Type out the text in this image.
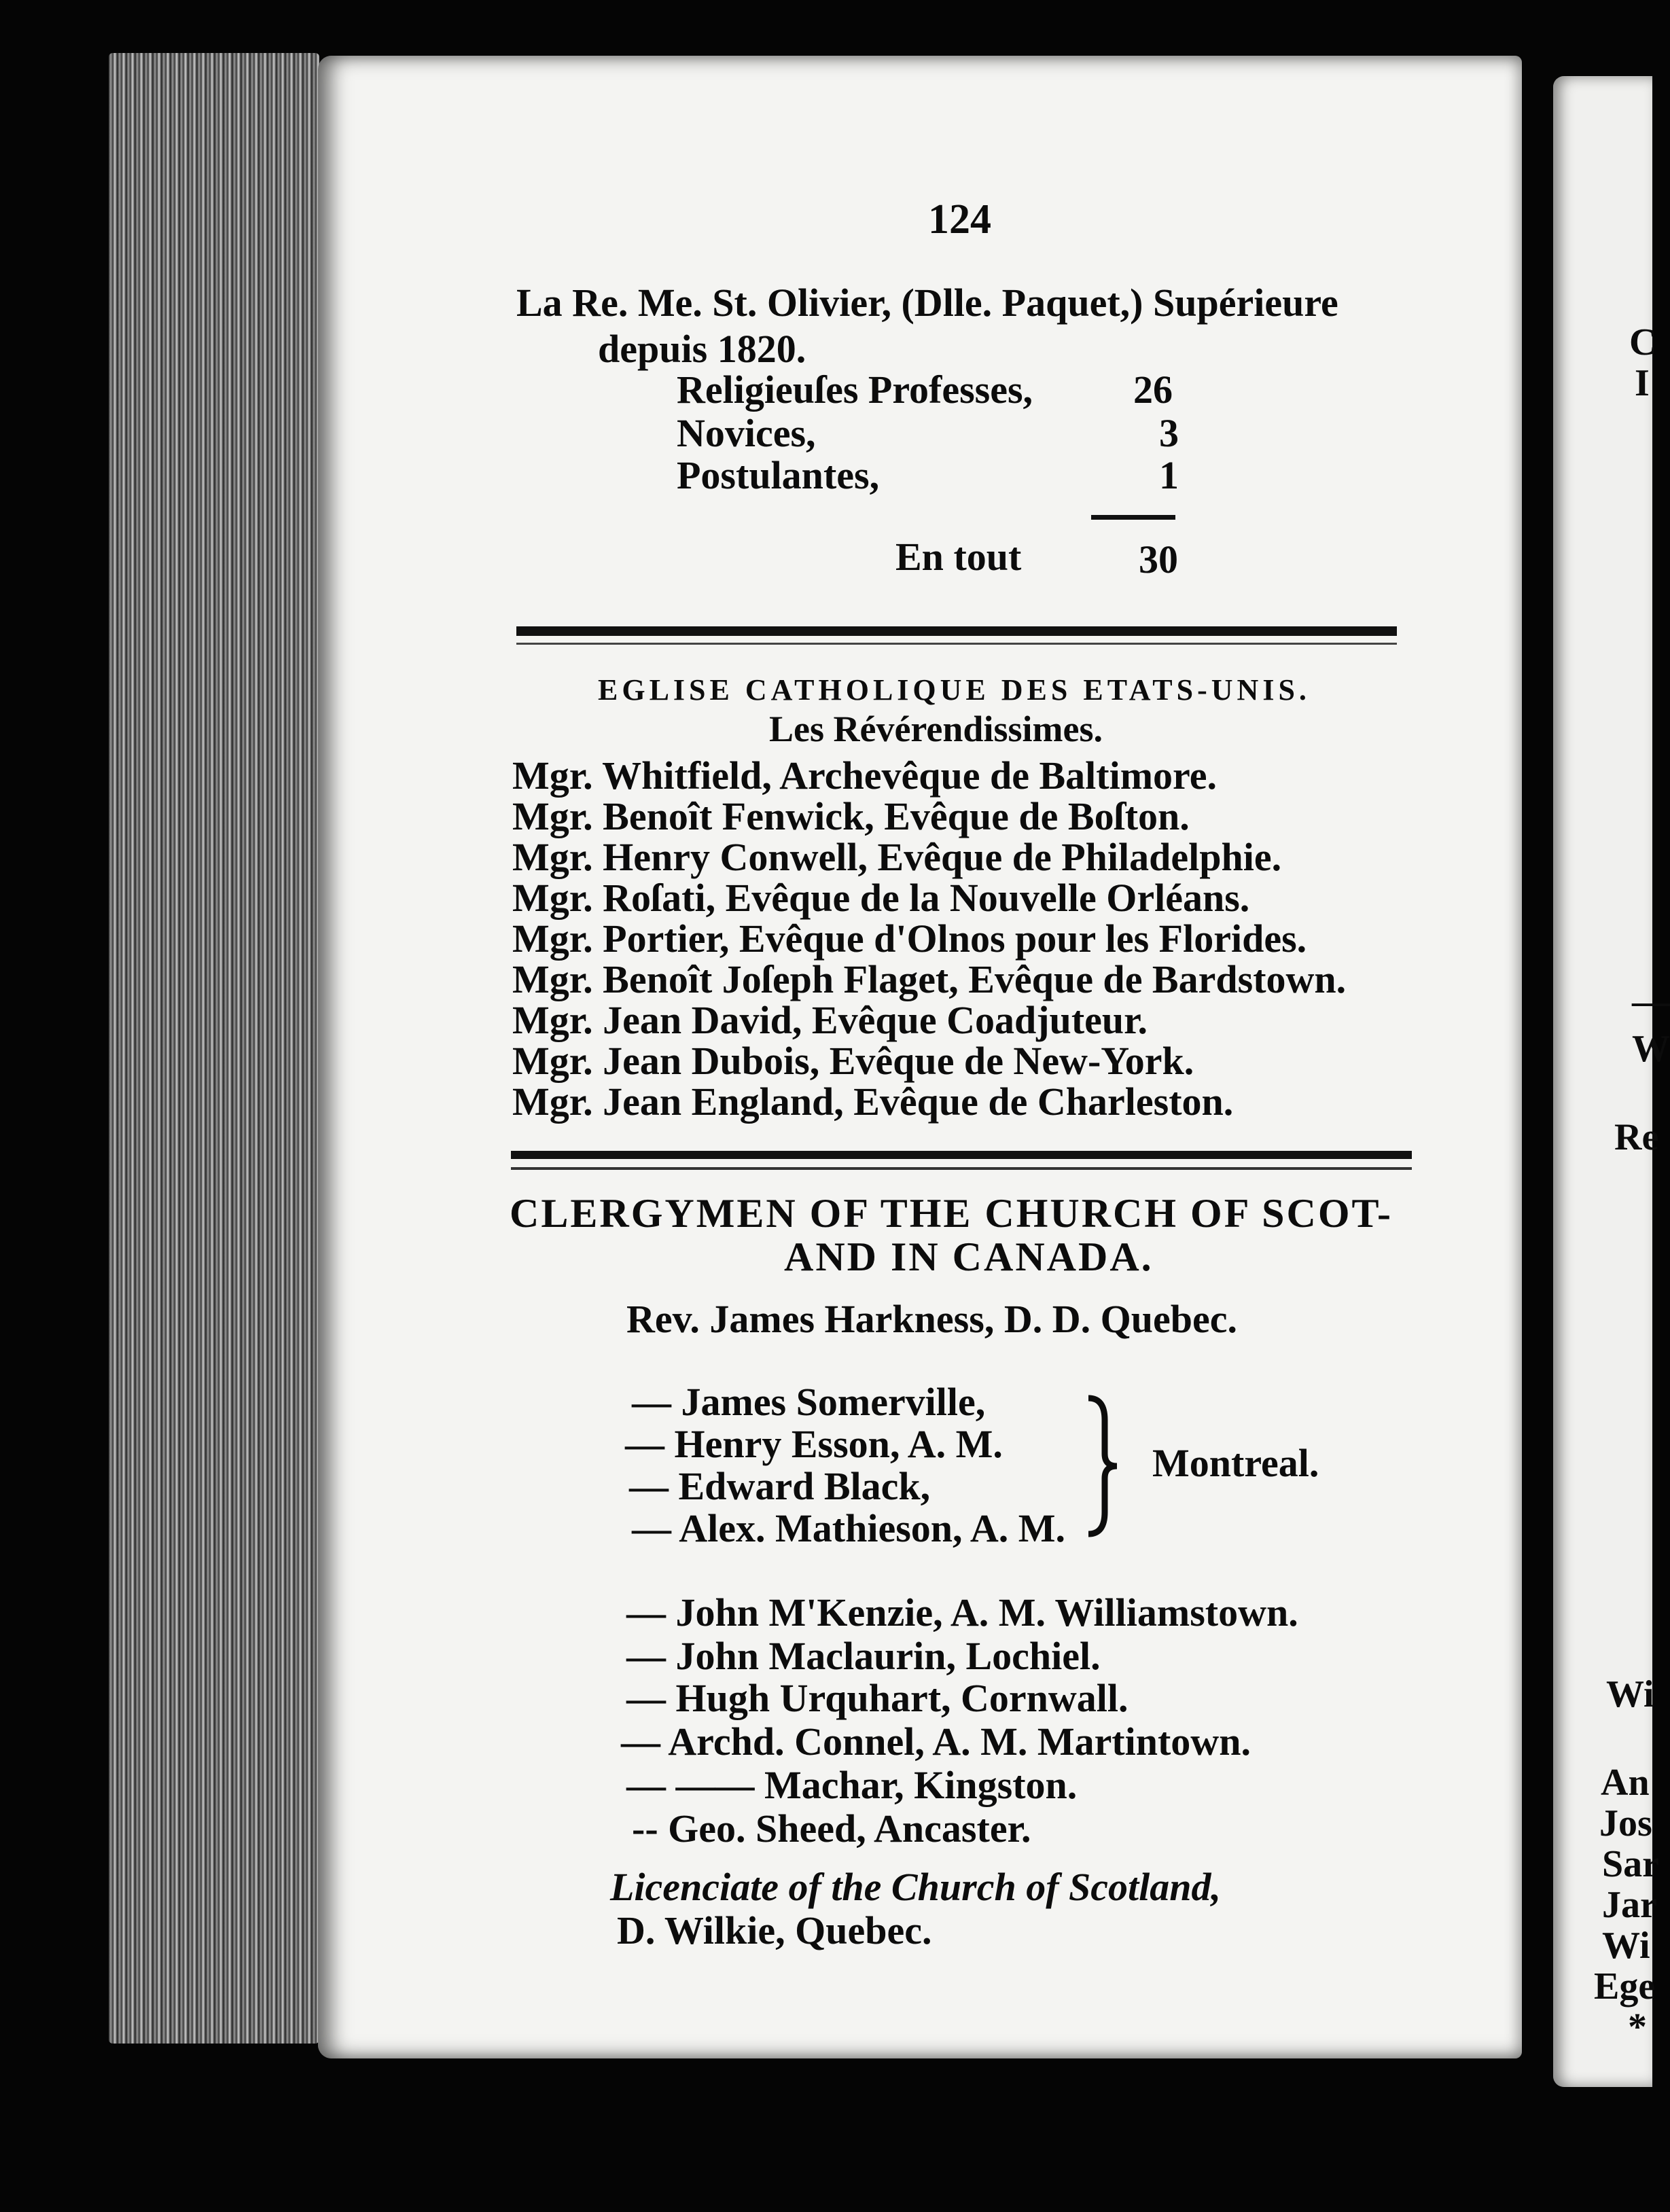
C
I
—
W
Re
Wi
An
Jos
Sar
Jar
Wi
Ege
*
124
La Re. Me. St. Olivier, (Dlle. Paquet,) Supérieure
depuis 1820.
Religieuſes Professes,	26
Novices,	3
Postulantes,	1
En tout	30
EGLISE CATHOLIQUE DES ETATS-UNIS.
Les Révérendissimes.
Mgr. Whitfield, Archevêque de Baltimore.
Mgr. Benoît Fenwick, Evêque de Boſton.
Mgr. Henry Conwell, Evêque de Philadelphie.
Mgr. Roſati, Evêque de la Nouvelle Orléans.
Mgr. Portier, Evêque d'Olnos pour les Florides.
Mgr. Benoît Joſeph Flaget, Evêque de Bardstown.
Mgr. Jean David, Evêque Coadjuteur.
Mgr. Jean Dubois, Evêque de New-York.
Mgr. Jean England, Evêque de Charleston.
CLERGYMEN OF THE CHURCH OF SCOT-
AND IN CANADA.
Rev. James Harkness, D. D. Quebec.
— James Somerville,
— Henry Esson, A. M.
— Edward Black,
— Alex. Mathieson, A. M.
Montreal.
— John M'Kenzie, A. M. Williamstown.
— John Maclaurin, Lochiel.
— Hugh Urquhart, Cornwall.
— Archd. Connel, A. M. Martintown.
— —— Machar, Kingston.
-- Geo. Sheed, Ancaster.
Licenciate of the Church of Scotland,
D. Wilkie, Quebec.
